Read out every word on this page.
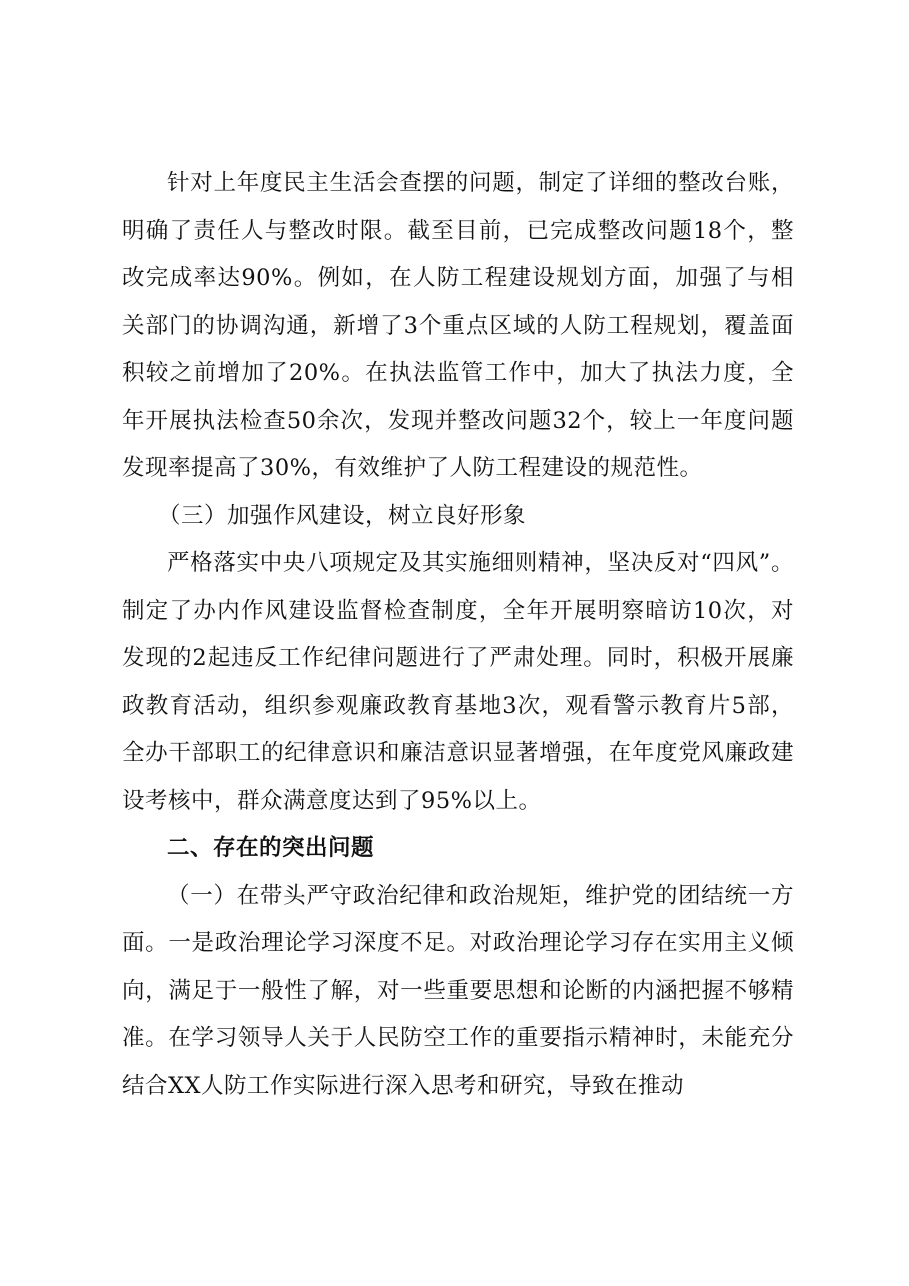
针对上年度民主生活会查摆的问题，制定了详细的整改台账，明确了责任人与整改时限。截至目前，已完成整改问题18个，整改完成率达90%。例如，在人防工程建设规划方面，加强了与相关部门的协调沟通，新增了3个重点区域的人防工程规划，覆盖面积较之前增加了20%。在执法监管工作中，加大了执法力度，全年开展执法检查50余次，发现并整改问题32个，较上一年度问题发现率提高了30%，有效维护了人防工程建设的规范性。

（三）加强作风建设，树立良好形象

严格落实中央八项规定及其实施细则精神，坚决反对“四风”。制定了办内作风建设监督检查制度，全年开展明察暗访10次，对发现的2起违反工作纪律问题进行了严肃处理。同时，积极开展廉政教育活动，组织参观廉政教育基地3次，观看警示教育片5部，全办干部职工的纪律意识和廉洁意识显著增强，在年度党风廉政建设考核中，群众满意度达到了95%以上。

二、存在的突出问题

（一）在带头严守政治纪律和政治规矩，维护党的团结统一方面。一是政治理论学习深度不足。对政治理论学习存在实用主义倾向，满足于一般性了解，对一些重要思想和论断的内涵把握不够精准。在学习领导人关于人民防空工作的重要指示精神时，未能充分结合XX人防工作实际进行深入思考和研究，导致在推动
